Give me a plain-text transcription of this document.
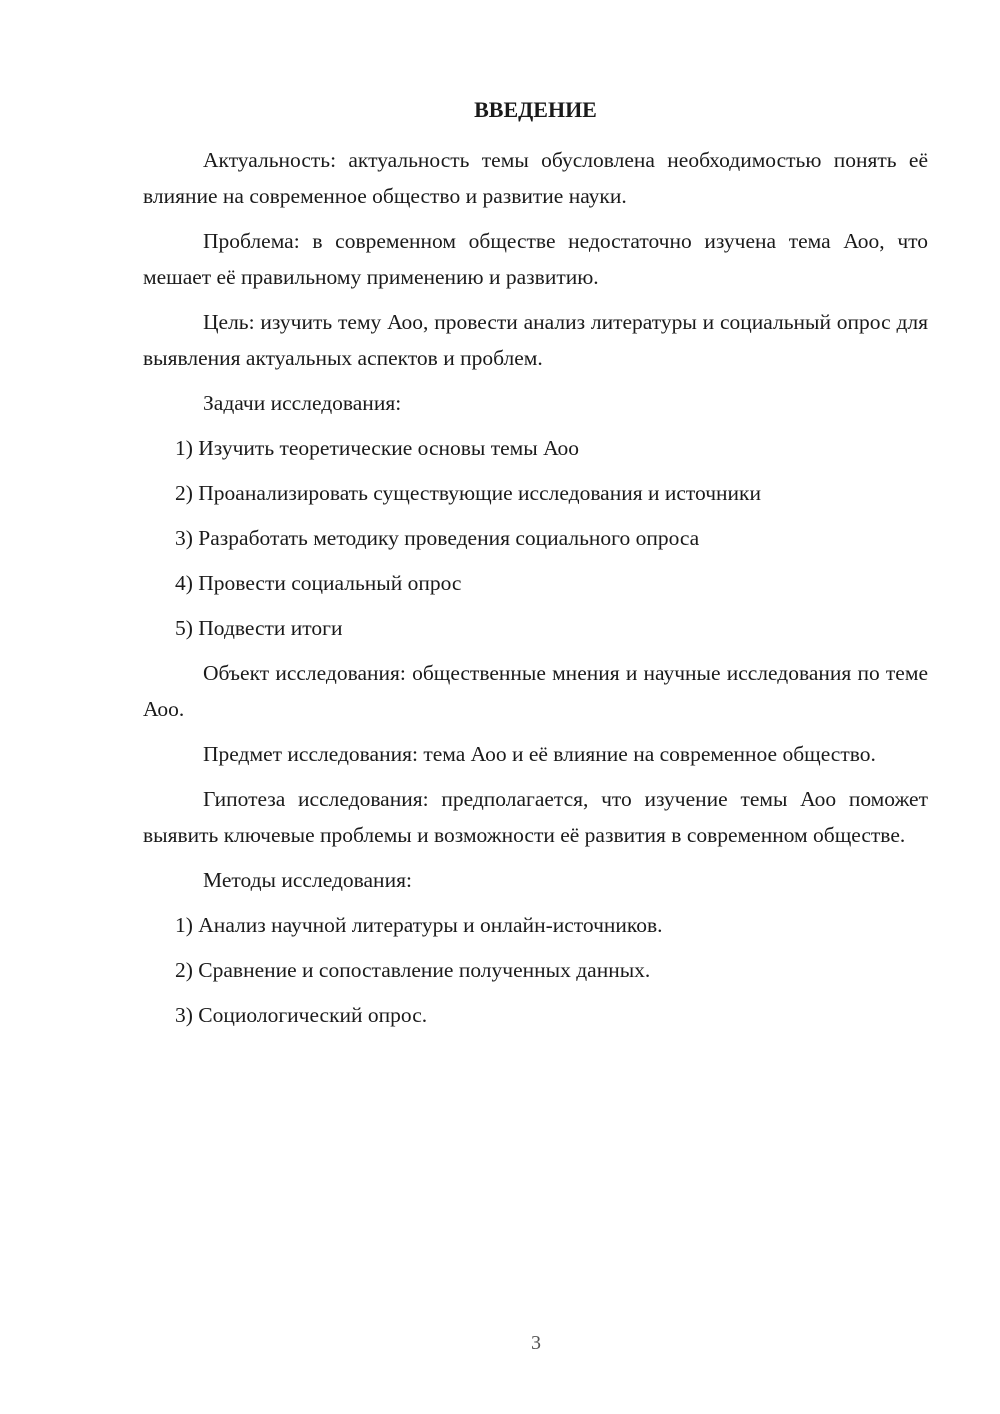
ВВЕДЕНИЕ

Актуальность: актуальность темы обусловлена необходимостью понять её влияние на современное общество и развитие науки.

Проблема: в современном обществе недостаточно изучена тема Аоо, что мешает её правильному применению и развитию.

Цель: изучить тему Аоо, провести анализ литературы и социальный опрос для выявления актуальных аспектов и проблем.

Задачи исследования:

1) Изучить теоретические основы темы Аоо
2) Проанализировать существующие исследования и источники
3) Разработать методику проведения социального опроса
4) Провести социальный опрос
5) Подвести итоги

Объект исследования: общественные мнения и научные исследования по теме Аоо.

Предмет исследования: тема Аоо и её влияние на современное общество.

Гипотеза исследования: предполагается, что изучение темы Аоо поможет выявить ключевые проблемы и возможности её развития в современном обществе.

Методы исследования:

1) Анализ научной литературы и онлайн-источников.
2) Сравнение и сопоставление полученных данных.
3) Социологический опрос.
3
